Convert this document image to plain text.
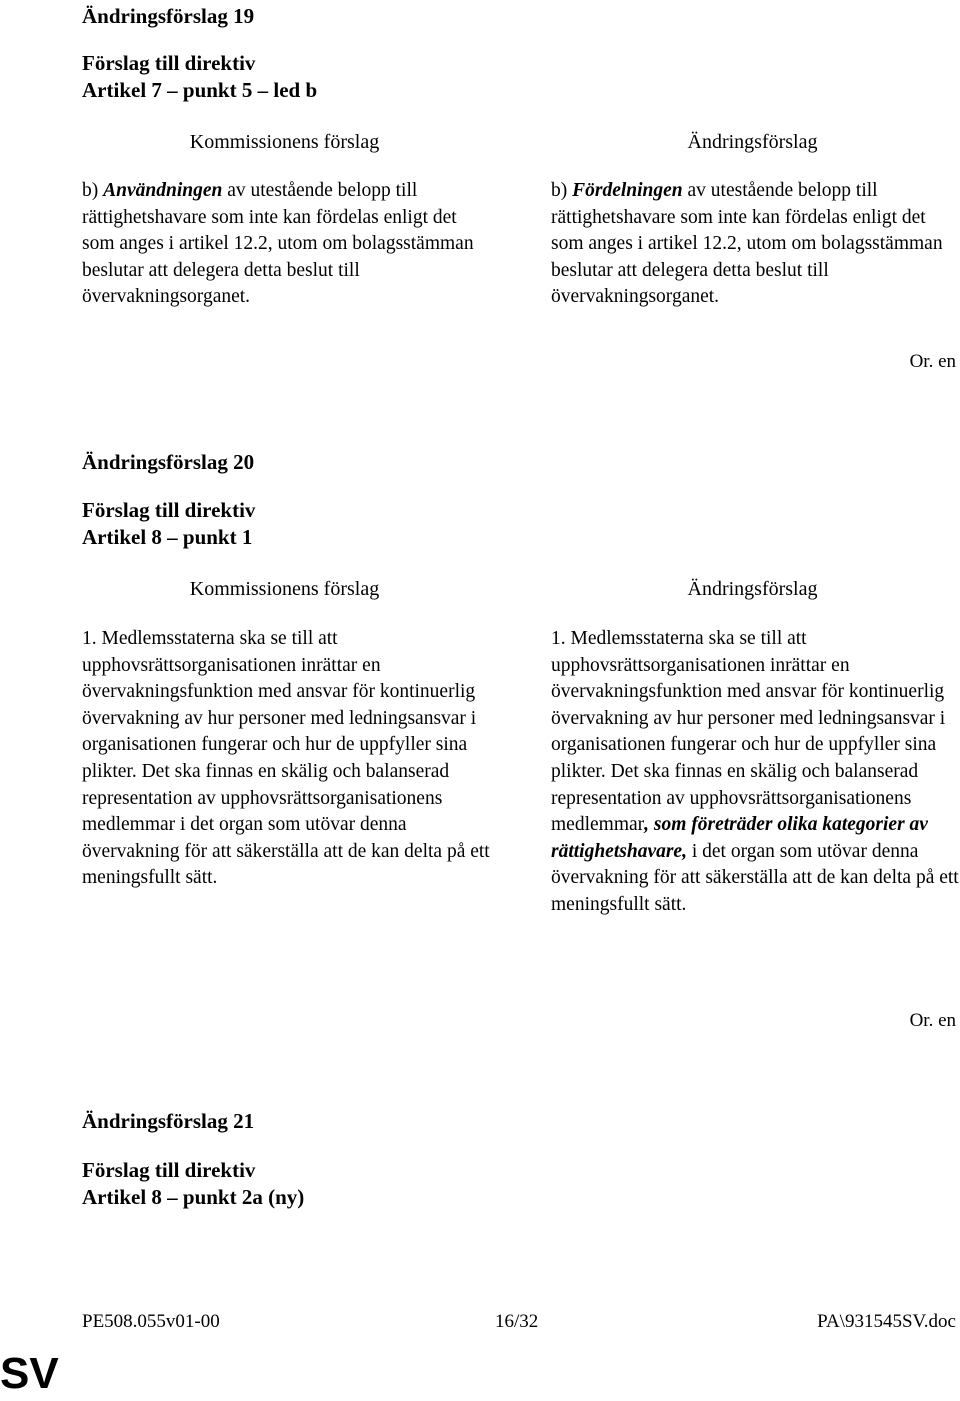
Ändringsförslag 19
Förslag till direktiv
Artikel 7 – punkt 5 – led b
Kommissionens förslag	Ändringsförslag
b) Användningen av utestående belopp till rättighetshavare som inte kan fördelas enligt det som anges i artikel 12.2, utom om bolagsstämman beslutar att delegera detta beslut till övervakningsorganet.
b) Fördelningen av utestående belopp till rättighetshavare som inte kan fördelas enligt det som anges i artikel 12.2, utom om bolagsstämman beslutar att delegera detta beslut till övervakningsorganet.
Or. en
Ändringsförslag 20
Förslag till direktiv
Artikel 8 – punkt 1
Kommissionens förslag	Ändringsförslag
1. Medlemsstaterna ska se till att upphovsrättsorganisationen inrättar en övervakningsfunktion med ansvar för kontinuerlig övervakning av hur personer med ledningsansvar i organisationen fungerar och hur de uppfyller sina plikter. Det ska finnas en skälig och balanserad representation av upphovsrättsorganisationens medlemmar i det organ som utövar denna övervakning för att säkerställa att de kan delta på ett meningsfullt sätt.
1. Medlemsstaterna ska se till att upphovsrättsorganisationen inrättar en övervakningsfunktion med ansvar för kontinuerlig övervakning av hur personer med ledningsansvar i organisationen fungerar och hur de uppfyller sina plikter. Det ska finnas en skälig och balanserad representation av upphovsrättsorganisationens medlemmar, som företräder olika kategorier av rättighetshavare, i det organ som utövar denna övervakning för att säkerställa att de kan delta på ett meningsfullt sätt.
Or. en
Ändringsförslag 21
Förslag till direktiv
Artikel 8 – punkt 2a (ny)
PE508.055v01-00	16/32	PA\931545SV.doc
SV
